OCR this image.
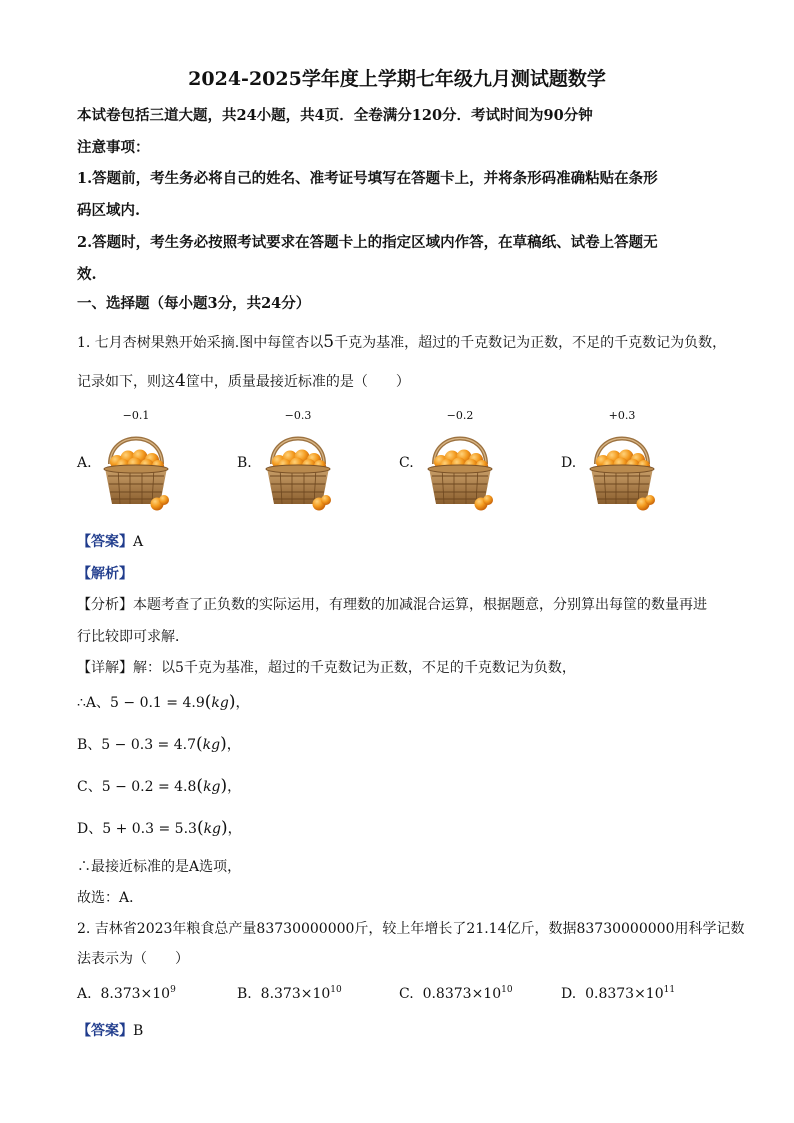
2024-2025学年度上学期七年级九月测试题数学
本试卷包括三道大题，共24小题，共4页．全卷满分120分．考试时间为90分钟
注意事项：
1.答题前，考生务必将自己的姓名、准考证号填写在答题卡上，并将条形码准确粘贴在条形
码区域内.
2.答题时，考生务必按照考试要求在答题卡上的指定区域内作答，在草稿纸、试卷上答题无
效.
一、选择题（每小题3分，共24分）
1. 七月杏树果熟开始采摘.图中每筐杏以5千克为基准，超过的千克数记为正数，不足的千克数记为负数，
记录如下，则这4筐中，质量最接近标准的是（　　）
−0.1	−0.3	−0.2	+0.3
A.	B.	C.	D.
【答案】A
【解析】
【分析】本题考查了正负数的实际运用，有理数的加减混合运算，根据题意，分别算出每筐的数量再进
行比较即可求解．
【详解】解：以5千克为基准，超过的千克数记为正数，不足的千克数记为负数，
∴A、5 − 0.1 = 4.9(kg)，
B、5 − 0.3 = 4.7(kg)，
C、5 − 0.2 = 4.8(kg)，
D、5 + 0.3 = 5.3(kg)，
∴最接近标准的是A选项，
故选：A．
2. 吉林省2023年粮食总产量83730000000斤，较上年增长了21.14亿斤，数据83730000000用科学记数
法表示为（　　）
A. $8.373\times 10^9$	B. $8.373\times 10^{10}$	C. $0.8373\times 10^{10}$	D. $0.8373\times 10^{11}$
【答案】B
